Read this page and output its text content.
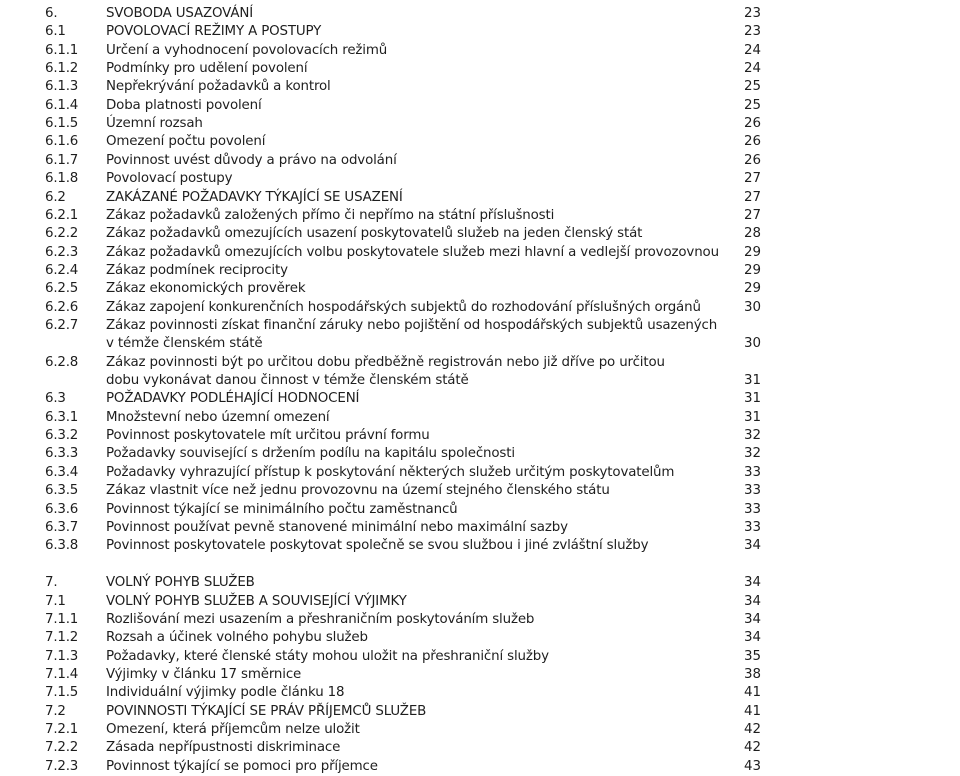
6.	SVOBODA USAZOVÁNÍ	23
6.1	POVOLOVACÍ REŽIMY A POSTUPY	23
6.1.1 Určení a vyhodnocení povolovacích režimů	24
6.1.2 Podmínky pro udělení povolení	24
6.1.3 Nepřekrývání požadavků a kontrol	25
6.1.4 Doba platnosti povolení	25
6.1.5 Územní rozsah	26
6.1.6 Omezení počtu povolení	26
6.1.7 Povinnost uvést důvody a právo na odvolání	26
6.1.8 Povolovací postupy	27
6.2	ZAKÁZANÉ POŽADAVKY TÝKAJÍCÍ SE USAZENÍ	27
6.2.1 Zákaz požadavků založených přímo či nepřímo na státní příslušnosti	27
6.2.2 Zákaz požadavků omezujících usazení poskytovatelů služeb na jeden členský stát	28
6.2.3 Zákaz požadavků omezujících volbu poskytovatele služeb mezi hlavní a vedlejší provozovnou	29
6.2.4 Zákaz podmínek reciprocity	29
6.2.5 Zákaz ekonomických prověrek	29
6.2.6 Zákaz zapojení konkurenčních hospodářských subjektů do rozhodování příslušných orgánů	30
6.2.7 Zákaz povinnosti získat finanční záruky nebo pojištění od hospodářských subjektů usazených
v témže členském státě	30
6.2.8 Zákaz povinnosti být po určitou dobu předběžně registrován nebo již dříve po určitou
dobu vykonávat danou činnost v témže členském státě	31
6.3	POŽADAVKY PODLÉHAJÍCÍ HODNOCENÍ	31
6.3.1 Množstevní nebo územní omezení	31
6.3.2 Povinnost poskytovatele mít určitou právní formu	32
6.3.3 Požadavky související s držením podílu na kapitálu společnosti	32
6.3.4 Požadavky vyhrazující přístup k poskytování některých služeb určitým poskytovatelům	33
6.3.5 Zákaz vlastnit více než jednu provozovnu na území stejného členského státu	33
6.3.6 Povinnost týkající se minimálního počtu zaměstnanců	33
6.3.7 Povinnost používat pevně stanovené minimální nebo maximální sazby	33
6.3.8 Povinnost poskytovatele poskytovat společně se svou službou i jiné zvláštní služby	34
7.	VOLNÝ POHYB SLUŽEB	34
7.1	VOLNÝ POHYB SLUŽEB A SOUVISEJÍCÍ VÝJIMKY	34
7.1.1 Rozlišování mezi usazením a přeshraničním poskytováním služeb	34
7.1.2 Rozsah a účinek volného pohybu služeb	34
7.1.3 Požadavky, které členské státy mohou uložit na přeshraniční služby	35
7.1.4 Výjimky v článku 17 směrnice	38
7.1.5 Individuální výjimky podle článku 18	41
7.2	POVINNOSTI TÝKAJÍCÍ SE PRÁV PŘÍJEMCŮ SLUŽEB	41
7.2.1 Omezení, která příjemcům nelze uložit	42
7.2.2 Zásada nepřípustnosti diskriminace	42
7.2.3 Povinnost týkající se pomoci pro příjemce	43
